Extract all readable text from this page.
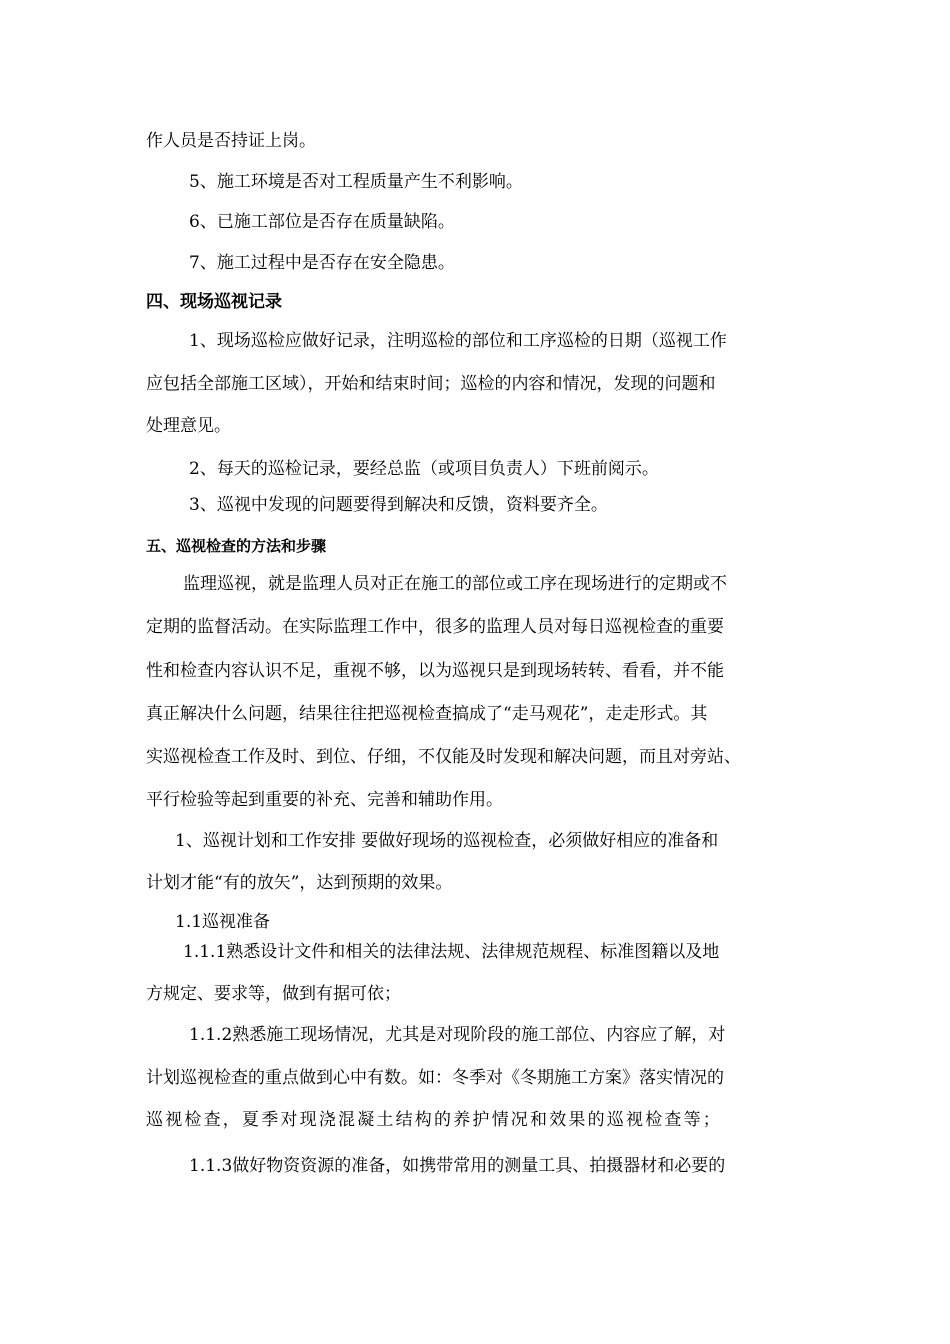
作人员是否持证上岗。
5、施工环境是否对工程质量产生不利影响。
6、已施工部位是否存在质量缺陷。
7、施工过程中是否存在安全隐患。
四、现场巡视记录
1、现场巡检应做好记录，注明巡检的部位和工序巡检的日期（巡视工作
应包括全部施工区域），开始和结束时间；巡检的内容和情况，发现的问题和
处理意见。
2、每天的巡检记录，要经总监（或项目负责人）下班前阅示。
3、巡视中发现的问题要得到解决和反馈，资料要齐全。
五、巡视检查的方法和步骤
监理巡视，就是监理人员对正在施工的部位或工序在现场进行的定期或不
定期的监督活动。在实际监理工作中，很多的监理人员对每日巡视检查的重要
性和检查内容认识不足，重视不够，以为巡视只是到现场转转、看看，并不能
真正解决什么问题，结果往往把巡视检查搞成了“走马观花”，走走形式。其
实巡视检查工作及时、到位、仔细，不仅能及时发现和解决问题，而且对旁站、
平行检验等起到重要的补充、完善和辅助作用。
1、巡视计划和工作安排 要做好现场的巡视检查，必须做好相应的准备和
计划才能“有的放矢”，达到预期的效果。
1.1巡视准备
1.1.1熟悉设计文件和相关的法律法规、法律规范规程、标准图籍以及地
方规定、要求等，做到有据可依；
1.1.2熟悉施工现场情况，尤其是对现阶段的施工部位、内容应了解，对
计划巡视检查的重点做到心中有数。如：冬季对《冬期施工方案》落实情况的
巡视检查，夏季对现浇混凝土结构的养护情况和效果的巡视检查等；
1.1.3做好物资资源的准备，如携带常用的测量工具、拍摄器材和必要的
